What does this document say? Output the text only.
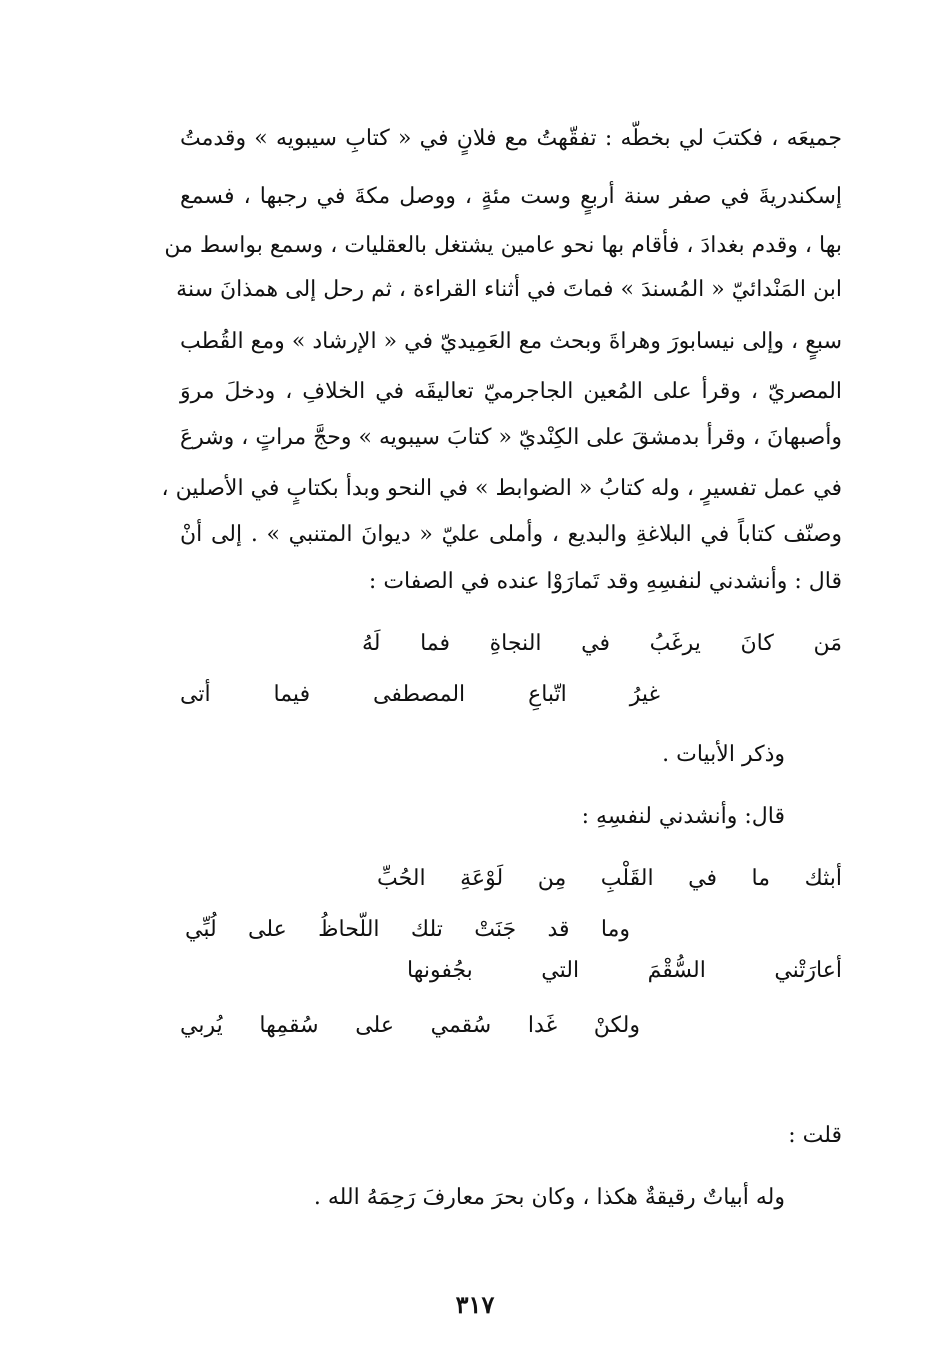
جميعَه ، فكتبَ لي بخطّه : تفقّهتُ مع فلانٍ في « كتابِ سيبويه » وقدمتُ
إسكندريةَ في صفر سنة أربعٍ وست مئةٍ ، ووصل مكةَ في رجبها ، فسمع
بها ، وقدم بغدادَ ، فأقام بها نحو عامين يشتغل بالعقليات ، وسمع بواسط من
ابن المَنْدائيّ « المُسندَ » فماتَ في أثناء القراءة ، ثم رحل إلى همذانَ سنة
سبعٍ ، وإلى نيسابورَ وهراةَ وبحث مع العَمِيديّ في « الإرشاد » ومع القُطب
المصريّ ، وقرأ على المُعين الجاجرميّ تعاليقَه في الخلافِ ، ودخلَ مروَ
وأصبهانَ ، وقرأ بدمشقَ على الكِنْديّ « كتابَ سيبويه » وحجَّ مراتٍ ، وشرعَ
في عمل تفسيرٍ ، وله كتابُ « الضوابط » في النحو وبدأ بكتابٍ في الأصلين ،
وصنّف كتاباً في البلاغةِ والبديع ، وأملى عليّ « ديوانَ المتنبي » . إلى أنْ
قال : وأنشدني لنفسِهِ وقد تَمارَوْا عنده في الصفات :
مَن كانَ يرغَبُ في النجاةِ فما لَهُ
غيرُ اتّباعِ المصطفى فيما أتى
وذكر الأبيات .
قال: وأنشدني لنفسِهِ :
أبثك ما في القَلْبِ مِن لَوْعَةِ الحُبِّ
وما قد جَنَتْ تلك اللّحاظُ على لُبِّي
أعارَتْني السُّقْمَ التي بجُفونها
ولكنْ غَدا سُقمي على سُقمِها يُربي
قلت :
وله أبياتٌ رقيقةٌ هكذا ، وكان بحرَ معارفَ رَحِمَهُ الله .
٣١٧
